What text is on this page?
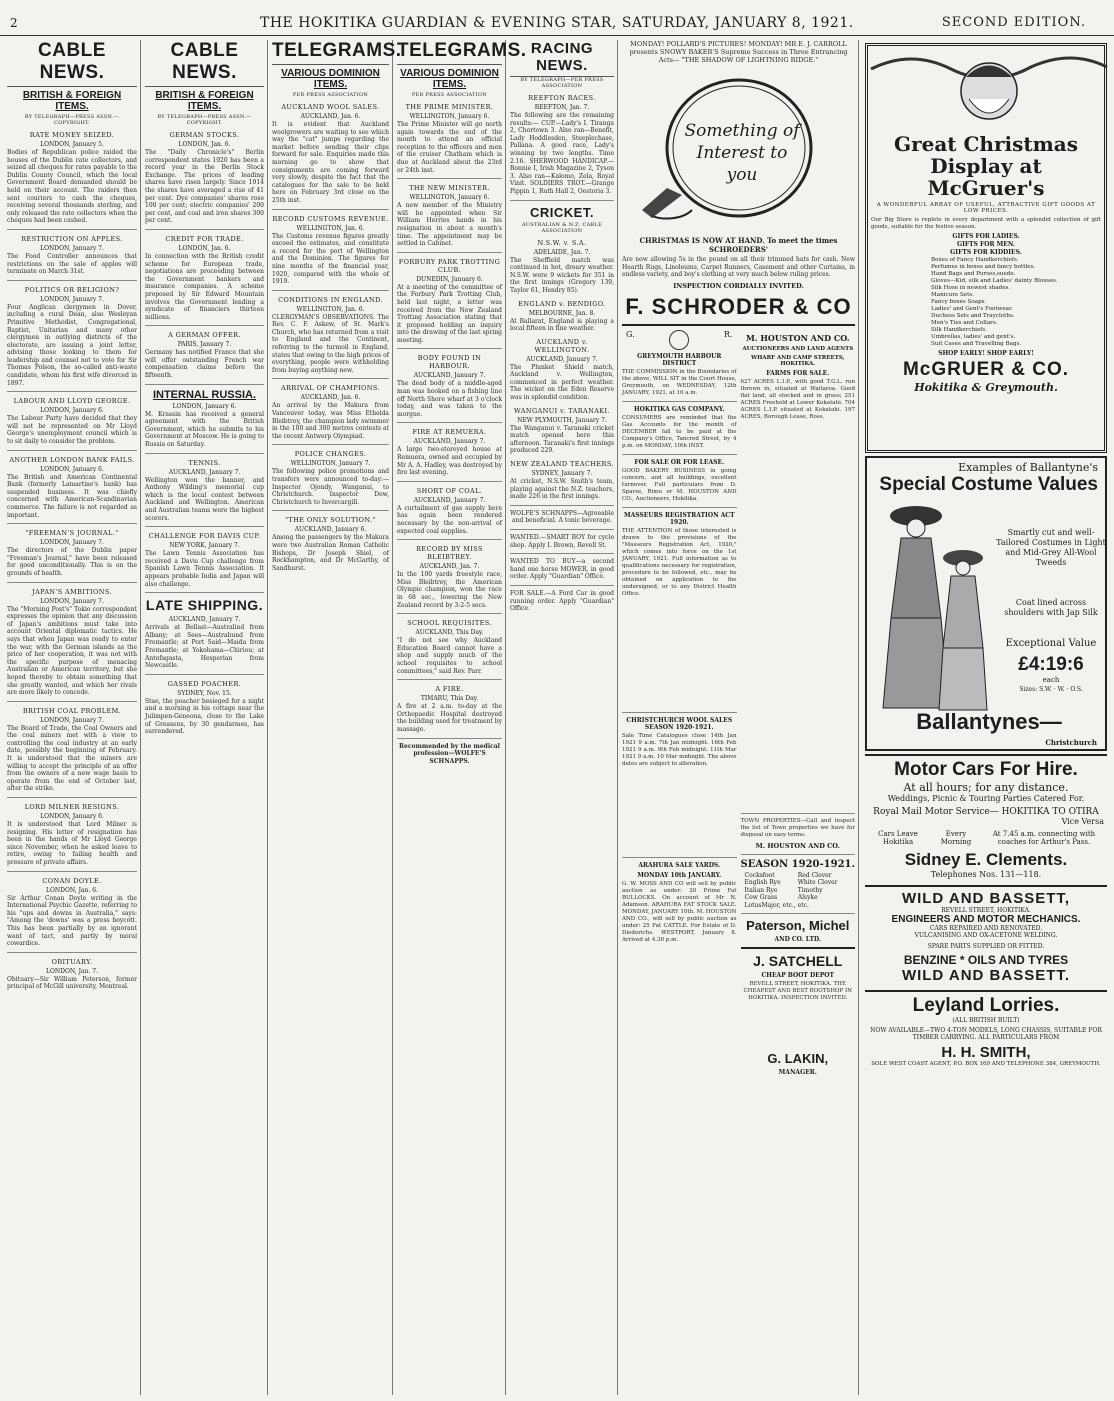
2	THE HOKITIKA GUARDIAN & EVENING STAR, SATURDAY, JANUARY 8, 1921.	SECOND EDITION.
CABLE NEWS.
BRITISH & FOREIGN ITEMS.
BY TELEGRAPH—PRESS ASSN.—COPYRIGHT.
RATE MONEY SEIZED.
LONDON, January 5.
Bodies of Republican police raided the houses of the Dublin rate collectors, and seized all cheques for rates payable to the Dublin County Council, which the local Government Board demanded should be held on their account. The raiders then sent couriers to cash the cheques, receiving several thousands sterling, and only released the rate collectors when the cheques had been cashed.
RESTRICTION ON APPLES.
LONDON, January 7.
The Food Controller announces that restrictions on the sale of apples will terminate on March 31st.
POLITICS OR RELIGION?
LONDON, January 7.
Four Anglican clergymen in Dover, including a rural Dean, also Wesleyan Primitive Methodist, Congregational, Baptist, Unitarian and many other clergymen in outlying districts of the electorate, are issuing a joint letter, advising those looking to them for leadership and counsel not to vote for Sir Thomas Polson, the so-called anti-waste candidate, whom his first wife divorced in 1897.
LABOUR AND LLOYD GEORGE.
LONDON, January 6.
The Labour Party have decided that they will not be represented on Mr Lloyd George's unemployment council which is to sit daily to consider the problem.
ANOTHER LONDON BANK FAILS.
LONDON, January 6.
The British and American Continental Bank (formerly Lamartine's bank) has suspended business. It was chiefly concerned with American-Scandinavian commerce. The failure is not regarded as important.
"FREEMAN'S JOURNAL."
LONDON, January 7.
The directors of the Dublin paper "Freeman's Journal," have been released for good unconditionally. This is on the grounds of health.
JAPAN'S AMBITIONS.
LONDON, January 7.
The "Morning Post's" Tokio correspondent expresses the opinion that any discussion of Japan's ambitions must take into account Oriental diplomatic tactics. He says that when Japan was ready to enter the war, with the German islands as the price of her cooperation, it was not with the specific purpose of menacing Australian or American territory, but she hoped thereby to obtain something that she greatly wanted, and which her rivals are more likely to concede.
BRITISH COAL PROBLEM.
LONDON, January 7.
The Board of Trade, the Coal Owners and the coal miners met with a view to controlling the coal industry at an early date, possibly the beginning of February. It is understood that the miners are willing to accept the principle of an offer from the owners of a new wage basis to operate from the end of October last, after the strike.
LORD MILNER RESIGNS.
LONDON, January 6.
It is understood that Lord Milner is resigning. His letter of resignation has been in the hands of Mr Lloyd George since November, when he asked leave to retire, owing to failing health and pressure of private affairs.
CONAN DOYLE.
LONDON, Jan. 6.
Sir Arthur Conan Doyle writing in the International Psychic Gazette, referring to his "ups and downs in Australia," says: "Among the 'downs' was a press boycott. This has been partially by an ignorant want of tact, and partly by moral cowardice.
OBITUARY.
LONDON, Jan. 7.
Obituary—Sir William Peterson, former principal of McGill university, Montreal.
CABLE NEWS.
BRITISH & FOREIGN ITEMS.
BY TELEGRAPH—PRESS ASSN.—COPYRIGHT.
GERMAN STOCKS.
LONDON, Jan. 6.
The "Daily Chronicle's" Berlin correspondent states 1920 has been a record year in the Berlin Stock Exchange. The prices of leading shares have risen largely. Since 1914 the shares have averaged a rise of 41 per cent. Dye companies' shares rose 100 per cent; electric companies' 200 per cent, and coal and iron shares 300 per cent.
CREDIT FOR TRADE.
LONDON, Jan. 6.
In connection with the British credit scheme for European trade, negotiations are proceeding between the Government bankers and insurance companies. A scheme proposed by Sir Edward Mountain involves the Government lending a syndicate of financiers thirteen millions.
A GERMAN OFFER.
PARIS, January 7.
Germany has notified France that she will offer outstanding French war compensation claims before the fifteenth.
INTERNAL RUSSIA.
LONDON, January 6.
M. Krassin has received a general agreement with the British Government, which he submits to his Government at Moscow. He is going to Russia on Saturday.
TENNIS.
AUCKLAND, January 7.
Wellington won the banner, and Anthony Wilding's memorial cup which is the local contest between Auckland and Wellington. American and Australian teams were the highest scorers.
CHALLENGE FOR DAVIS CUP.
NEW YORK, January 7.
The Lawn Tennis Association has received a Davis Cup challenge from Spanish Lawn Tennis Association. It appears probable India and Japan will also challenge.
LATE SHIPPING.
AUCKLAND, January 7.
Arrivals at Bellast—Australind from Albany; at Sees—Austrabund from Fremantle; at Port Said—Maida from Fremantle; at Yokohama—Chiriou; at Antofagasta, Hesperian from Newcastle.
GASSED POACHER.
SYDNEY, Nov. 15.
Stae, the poacher besieged for a night and a morning in his cottage near the Julimpen-Geneona, close to the Lake of Greasens, by 30 gendarmes, has surrendered.
TELEGRAMS.
VARIOUS DOMINION ITEMS.
PER PRESS ASSOCIATION
AUCKLAND WOOL SALES.
AUCKLAND, Jan. 6.
It is evident that Auckland woolgrowers are waiting to see which way the "cat" jumps regarding the market before sending their clips forward for sale. Enquiries made this morning go to show that consignments are coming forward very slowly, despite the fact that the catalogues for the sale to be held here on February 3rd close on the 25th inst.
RECORD CUSTOMS REVENUE.
WELLINGTON, Jan. 6.
The Customs revenue figures greatly exceed the estimates, and constitute a record for the port of Wellington and the Dominion. The figures for nine months of the financial year, 1920, compared with the whole of 1919.
CONDITIONS IN ENGLAND.
WELLINGTON, Jan. 6.
CLERGYMAN'S OBSERVATIONS. The Rev. C. F. Askew, of St. Mark's Church, who has returned from a visit to England and the Continent, referring to the turmoil in England, states that owing to the high prices of everything, people were withholding from buying anything new.
ARRIVAL OF CHAMPIONS.
AUCKLAND, Jan. 6.
An arrival by the Makura from Vancouver today, was Miss Ethelda Bleibtrey, the champion lady swimmer in the 100 and 300 metres contests at the recent Antwerp Olympiad.
POLICE CHANGES.
WELLINGTON, January 7.
The following police promotions and transfers were announced to-day:—Inspector Ojondy, Wanganui, to Christchurch. Inspector Dew, Christchurch to Invercargill.
"THE ONLY SOLUTION."
AUCKLAND, January 6.
Among the passengers by the Makura were two Australian Roman Catholic Bishops, Dr Joseph Shiel, of Rockhampton, and Dr McGarthy, of Sandhurst.
TELEGRAMS.
VARIOUS DOMINION ITEMS.
PER PRESS ASSOCIATION
THE PRIME MINISTER.
WELLINGTON, January 6.
The Prime Minister will go north again towards the end of the month to attend an official reception to the officers and men of the cruiser Chatham which is due at Auckland about the 23rd or 24th inst.
THE NEW MINISTER.
WELLINGTON, January 6.
A new member of the Ministry will be appointed when Sir William Herries hands in his resignation in about a month's time. The appointment may be settled in Cabinet.
FORBURY PARK TROTTING CLUB.
DUNEDIN, January 6.
At a meeting of the committee of the Forbury Park Trotting Club, held last night, a letter was received from the New Zealand Trotting Association stating that it proposed holding an inquiry into the drawing of the last spring meeting.
BODY FOUND IN HARBOUR.
AUCKLAND, January 7.
The dead body of a middle-aged man was hooked on a fishing line off North Shore wharf at 3 o'clock today, and was taken to the morgue.
FIRE AT REMUERA.
AUCKLAND, January 7.
A large two-storeyed house at Remuera, owned and occupied by Mr A. A. Hadley, was destroyed by fire last evening.
SHORT OF COAL.
AUCKLAND, January 7.
A curtailment of gas supply here has again been rendered necessary by the non-arrival of expected coal supplies.
RECORD BY MISS BLEIBTREY.
AUCKLAND, Jan. 7.
In the 100 yards freestyle race, Miss Bleibtrey, the American Olympic champion, won the race in 68 sec., lowering the New Zealand record by 3-2-5 secs.
SCHOOL REQUISITES.
AUCKLAND, This Day.
"I do not see why Auckland Education Board cannot have a shop and supply much of the school requisites to school committees," said Rev. Parr.
A FIRE.
TIMARU, This Day.
A fire at 2 a.m. to-day at the Orthopaedic Hospital destroyed the building used for treatment by massage.
Recommended by the medical profession—WOLFE'S SCHNAPPS.
RACING NEWS.
BY TELEGRAPH—PER PRESS ASSOCIATION
REEFTON RACES.
REEFTON, Jan. 7.
The following are the remaining results:— CUP.—Lady's I. Tiranga 2, Chortown 3. Also ran—Benefit, Lady Hoddlesden, Steeplechase, Pallana. A good race, Lady's winning by two lengths. Time 2.16. SHERWOOD HANDICAP.—Bonnie I, Irish Magazine 2, Tyson 3. Also ran—Kalomo, Zela, Royal Vinit. SOLDIERS TROT.—Grange Pippin 1, Ruth Hall 2, Oestoria 3.
CRICKET.
AUSTRALIAN & N.Z. CABLE ASSOCIATION
N.S.W. v. S.A.
ADELAIDE, Jan. 7.
The Sheffield match was continued in hot, dreary weather. N.S.W. were 9 wickets for 351 in the first innings (Gregory 139, Taylor 61, Hendry 85).
ENGLAND v. BENDIGO.
MELBOURNE, Jan. 8.
At Ballarat, England is playing a local fifteen in fine weather.
AUCKLAND v. WELLINGTON.
AUCKLAND, January 7.
The Plunket Shield match, Auckland v. Wellington, commenced in perfect weather. The wicket on the Eden Reserve was in splendid condition.
WANGANUI v. TARANAKI.
NEW PLYMOUTH, January 7.
The Wanganui v. Taranaki cricket match opened here this afternoon. Taranaki's first innings produced 229.
NEW ZEALAND TEACHERS.
SYDNEY, January 7.
At cricket, N.S.W. Smith's team, playing against the N.Z. teachers, made 226 in the first innings.
WOLFE'S SCHNAPPS—Agreeable and beneficial. A tonic beverage.
WANTED.—SMART BOY for cycle shop. Apply I. Brown, Revell St.
WANTED TO BUY—a second hand one horse MOWER, in good order. Apply "Guardian" Office.
FOR SALE.—A Ford Car in good running order. Apply "Guardian" Office.
MONDAY! POLLARD'S PICTURES! MONDAY! MR E. J. CARROLL presents SNOWY BAKER'S Supreme Success in Three Entrancing Acts— "THE SHADOW OF LIGHTNING RIDGE."
Something of Interest to you
CHRISTMAS IS NOW AT HAND. To meet the times SCHROEDERS'
Are now allowing 5s in the pound on all their trimmed hats for cash. New Hearth Rugs, Linoleums, Carpet Runners, Casement and other Curtains, in endless variety, and boy's clothing at very much below ruling prices.
INSPECTION CORDIALLY INVITED.
F. SCHRODER & CO
G.	R.
GREYMOUTH HARBOUR DISTRICT
THE COMMISSION in the Boundaries of the above, WILL SIT in the Court House, Greymouth, on WEDNESDAY, 12th JANUARY, 1921, at 10 a.m.
HOKITIKA GAS COMPANY.
CONSUMERS are reminded that the Gas Accounts for the month of DECEMBER fall to be paid at the Company's Office, Tancred Street, by 4 p.m. on MONDAY, 10th INST.
FOR SALE OR FOR LEASE.
GOOD BAKERY BUSINESS in going concern, and all buildings, excellent turnover. Full particulars from D. Sparse, Rimu or M. HOUSTON AND CO., Auctioneers, Hokitika.
MASSEURS REGISTRATION ACT 1920.
THE ATTENTION of those interested is drawn to the provisions of the "Masseurs Registration Act, 1920," which comes into force on the 1st JANUARY, 1921. Full information as to qualifications necessary for registration, procedure to be followed, etc., may be obtained on application to the undersigned, or to any District Health Office.
CHRISTCHURCH WOOL SALES SEASON 1920-1921.
Sale Time Catalogues close 14th Jan 1921 9 a.m. 7th Jan midnight. 16th Feb 1921 9 a.m. 9th Feb midnight. 11th Mar 1921 9 a.m. 10 Mar midnight. The above dates are subject to alteration.
ARAHURA SALE YARDS.
MONDAY 10th JANUARY.
G. W. MOSS AND CO will sell by public auction as under: 20 Prime Fat BULLOCKS. On account of Mr N. Adamson. ARAHURA FAT STOCK SALE. MONDAY, JANUARY 10th. M. HOUSTON AND CO., will sell by public auction as under: 25 Fat CATTLE. For Estate of D. Diederichs. WESTPORT, January 8. Arrived at 4.30 p.m.
M. HOUSTON AND CO.
AUCTIONEERS AND LAND AGENTS
WHARF AND CAMP STREETS, HOKITIKA.
FARMS FOR SALE.
627 ACRES L.I.P., with good T.G.L. run thrown in, situated at Waitaroa. Good flat land, all stocked and in grass; 251 ACRES Freehold at Lower Kokatahi. 704 ACRES L.I.P. situated at Kokatahi. 197 ACRES, Borough Lease, Ross.
TOWN PROPERTIES—Call and inspect the list of Town properties we have for disposal on easy terms.
M. HOUSTON AND CO.
SEASON 1920-1921.
Cocksfoot	Red Clover
English Rye	White Clover
Italian Rye	Timothy
Cow Grass	Alsyke
LotusMajor, etc., etc.
Paterson, Michel
AND CO. LTD.
J. SATCHELL
CHEAP BOOT DEPOT
REVELL STREET, HOKITIKA. THE CHEAPEST AND BEST BOOTSHOP IN HOKITIKA. INSPECTION INVITED.
G. LAKIN,
MANAGER.
Great Christmas Display at McGruer's
A WONDERFUL ARRAY OF USEFUL, ATTRACTIVE GIFT GOODS AT LOW PRICES.
Our Big Store is replete in every department with a splendid collection of gift goods, suitable for the festive season.
GIFTS FOR LADIES.
GIFTS FOR MEN.
GIFTS FOR KIDDIES.
Boxes of Fancy Handkerchiefs.
Perfumes in boxes and fancy bottles.
Hand Bags and Purses,suede.
Gloves—Kid, silk and Ladies' dainty Blouses.
Silk Hose in newest shades.
Manicure Sets.
Fancy boxes Soaps.
Ladies' and Gent's Footwear.
Duchess Sets and Traycloths.
Men's Ties and Collars.
Silk Handkerchiefs.
Umbrellas, ladies' and gent's.
Suit Cases and Travelling Bags.
SHOP EARLY! SHOP EARLY!
McGRUER & CO.
Hokitika & Greymouth.
Examples of Ballantyne's
Special Costume Values
Smartly cut and well-Tailored Costumes in Light and Mid-Grey All-Wool Tweeds
Coat lined across shoulders with Jap Silk
Exceptional Value
£4:19:6
each
Sizes: S.W. · W. · O.S.
Ballantynes—
Christchurch
Motor Cars For Hire.
At all hours; for any distance.
Weddings, Picnic & Touring Parties Catered For.
Royal Mail Motor Service— HOKITIKA TO OTIRA
Vice Versa
Cars Leave Hokitika
Every Morning
At 7.45 a.m. connecting with coaches for Arthur's Pass.
Sidney E. Clements.
Telephones Nos. 131—118.
WILD AND BASSETT,
REVELL STREET, HOKITIKA.
ENGINEERS AND MOTOR MECHANICS.
CARS REPAIRED AND RENOVATED.
VULCANISING AND OX-ACETONE WELDING.
SPARE PARTS SUPPLIED OR FITTED.
BENZINE * OILS AND TYRES
WILD AND BASSETT.
Leyland Lorries.
(ALL BRITISH BUILT)
NOW AVAILABLE—TWO 4-TON MODELS, LONG CHASSIS, SUITABLE FOR TIMBER CARRYING. ALL PARTICULARS FROM
H. H. SMITH,
SOLE WEST COAST AGENT, P.O. BOX 169 AND TELEPHONE 384, GREYMOUTH.
